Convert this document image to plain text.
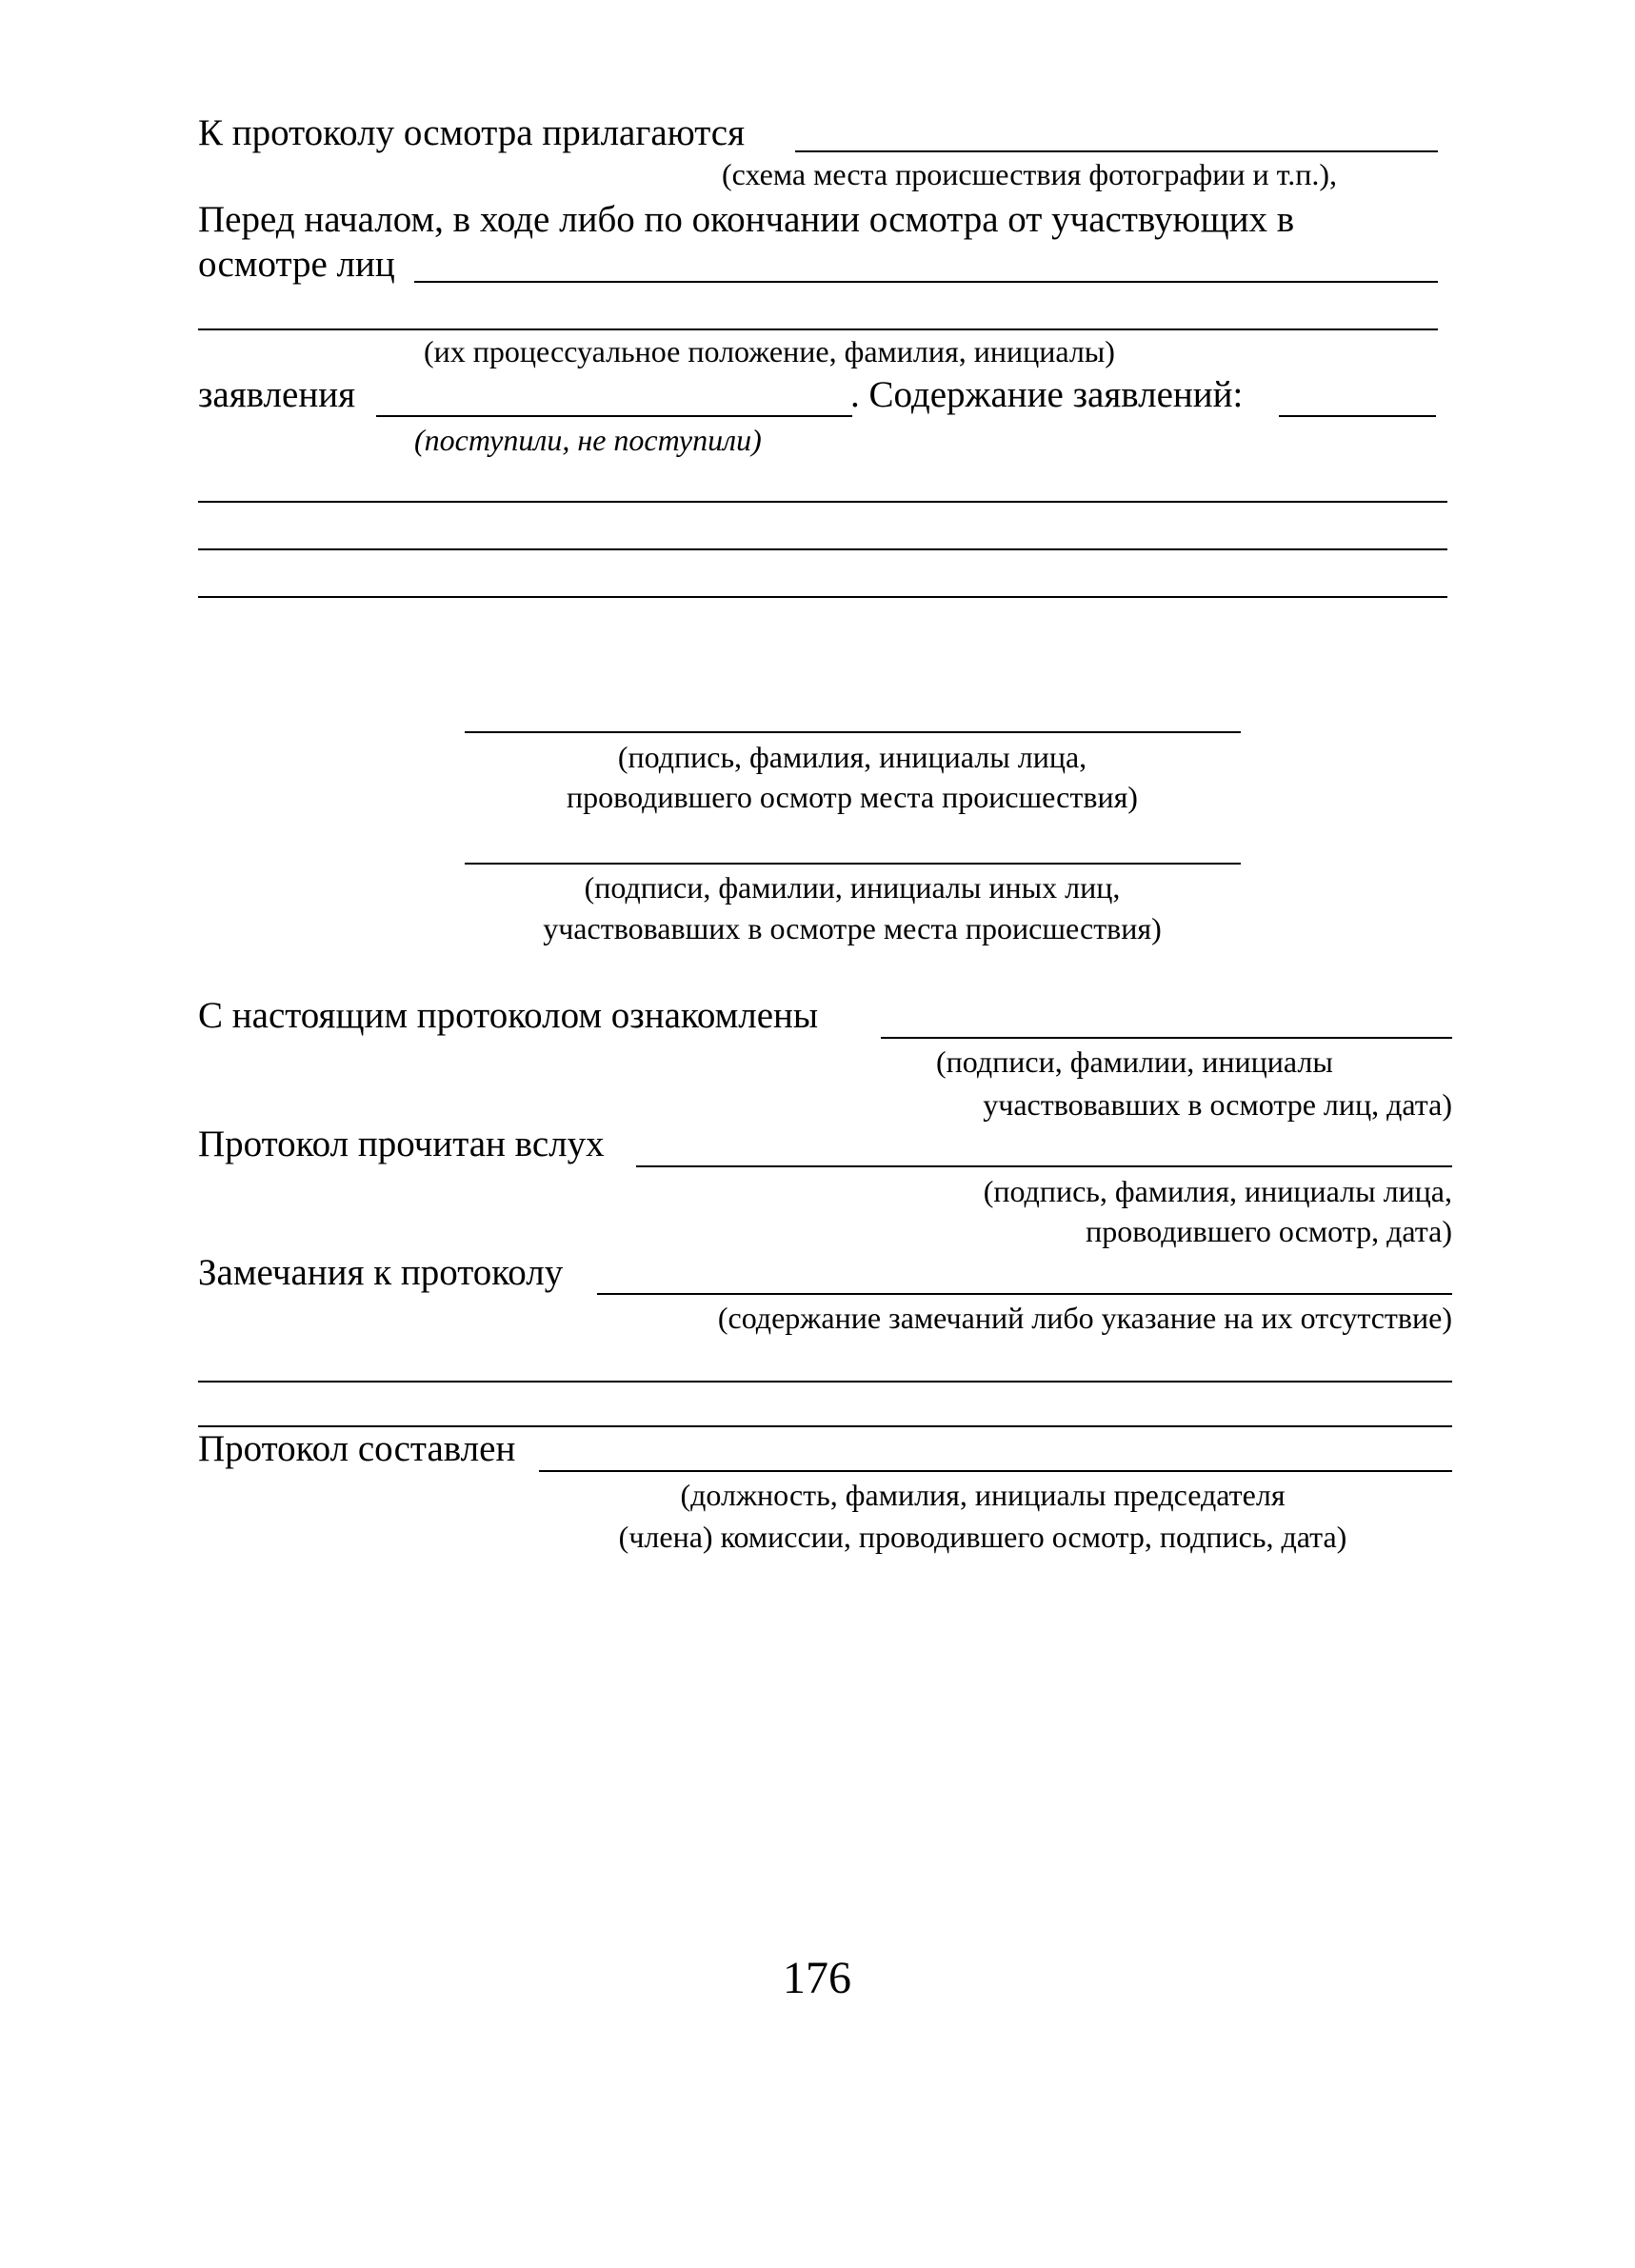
К протоколу осмотра прилагаются
(схема места происшествия фотографии и т.п.),
Перед началом, в ходе либо по окончании осмотра от участвующих в
осмотре лиц
(их процессуальное положение, фамилия, инициалы)
заявления	. Содержание заявлений:
(поступили, не поступили)
(подпись, фамилия, инициалы лица,
проводившего осмотр места происшествия)
(подписи, фамилии, инициалы иных лиц,
участвовавших в осмотре места происшествия)
С настоящим протоколом ознакомлены
(подписи, фамилии, инициалы
участвовавших в осмотре лиц, дата)
Протокол прочитан вслух
(подпись, фамилия, инициалы лица,
проводившего осмотр, дата)
Замечания к протоколу
(содержание замечаний либо указание на их отсутствие)
Протокол составлен
(должность, фамилия, инициалы председателя
(члена) комиссии, проводившего осмотр, подпись, дата)
176
